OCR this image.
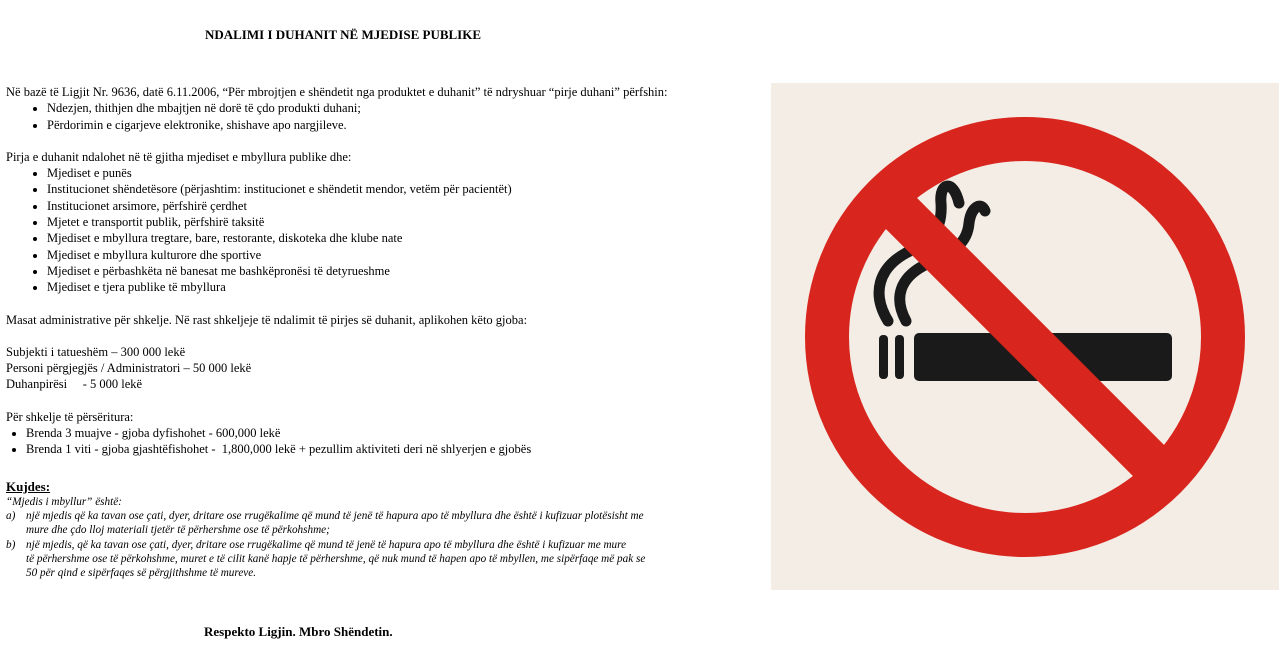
NDALIMI I DUHANIT NË MJEDISE PUBLIKE

Në bazë të Ligjit Nr. 9636, datë 6.11.2006, “Për mbrojtjen e shëndetit nga produktet e duhanit” të ndryshuar “pirje duhani” përfshin:

• Ndezjen, thithjen dhe mbajtjen në dorë të çdo produkti duhani;
• Përdorimin e cigarjeve elektronike, shishave apo nargjileve.

Pirja e duhanit ndalohet në të gjitha mjediset e mbyllura publike dhe:

• Mjediset e punës
• Institucionet shëndetësore (përjashtim: institucionet e shëndetit mendor, vetëm për pacientët)
• Institucionet arsimore, përfshirë çerdhet
• Mjetet e transportit publik, përfshirë taksitë
• Mjediset e mbyllura tregtare, bare, restorante, diskoteka dhe klube nate
• Mjediset e mbyllura kulturore dhe sportive
• Mjediset e përbashkëta në banesat me bashkëpronësi të detyrueshme
• Mjediset e tjera publike të mbyllura

Masat administrative për shkelje. Në rast shkeljeje të ndalimit të pirjes së duhanit, aplikohen këto gjoba:

Subjekti i tatueshëm – 300 000 lekë

Personi përgjegjës / Administratori – 50 000 lekë

Duhanpirësi     - 5 000 lekë

Për shkelje të përsëritura:

• Brenda 3 muajve - gjoba dyfishohet - 600,000 lekë
• Brenda 1 viti - gjoba gjashtëfishohet -  1,800,000 lekë + pezullim aktiviteti deri në shlyerjen e gjobës
Kujdes:
“Mjedis i mbyllur” është:
a) një mjedis që ka tavan ose çati, dyer, dritare ose rrugëkalime që mund të jenë të hapura apo të mbyllura dhe është i kufizuar plotësisht me
mure dhe çdo lloj materiali tjetër të përhershme ose të përkohshme;
b) një mjedis, që ka tavan ose çati, dyer, dritare ose rrugëkalime që mund të jenë të hapura apo të mbyllura dhe është i kufizuar me mure
të përhershme ose të përkohshme, muret e të cilit kanë hapje të përhershme, që nuk mund të hapen apo të mbyllen, me sipërfaqe më pak se
50 për qind e sipërfaqes së përgjithshme të mureve.
Respekto Ligjin. Mbro Shëndetin.
